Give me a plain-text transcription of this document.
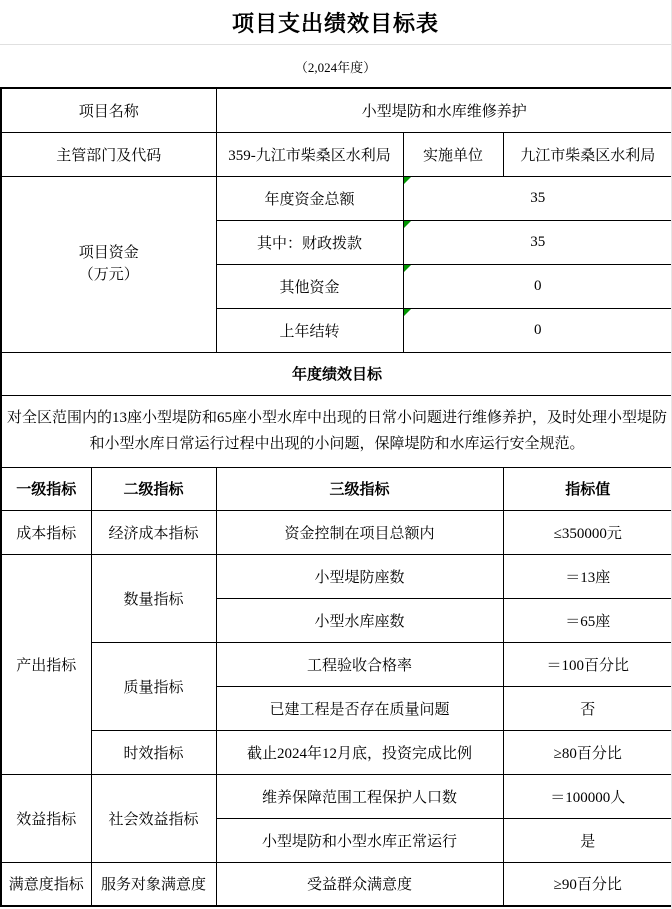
项目支出绩效目标表
（2,024年度）
项目名称		小型堤防和水库维修养护		
主管部门及代码		359-九江市柴桑区水利局	实施单位	九江市柴桑区水利局

项目资金
（万元）		年度资金总额	35	
		其中：财政拨款	35	
		其他资金	0	
		上年结转	0	
年度绩效目标				
对全区范围内的13座小型堤防和65座小型水库中出现的日常小问题进行维修养护，及时处理小型堤防和小型水库日常运行过程中出现的小问题，保障堤防和水库运行安全规范。				
一级指标	二级指标	三级指标		指标值
成本指标	经济成本指标	资金控制在项目总额内		≤350000元
产出指标	数量指标	小型堤防座数		＝13座
		小型水库座数		＝65座
	质量指标	工程验收合格率		＝100百分比
		已建工程是否存在质量问题		否
	时效指标	截止2024年12月底，投资完成比例		≥80百分比
效益指标	社会效益指标	维养保障范围工程保护人口数		＝100000人
		小型堤防和小型水库正常运行		是
满意度指标	服务对象满意度	受益群众满意度		≥90百分比
